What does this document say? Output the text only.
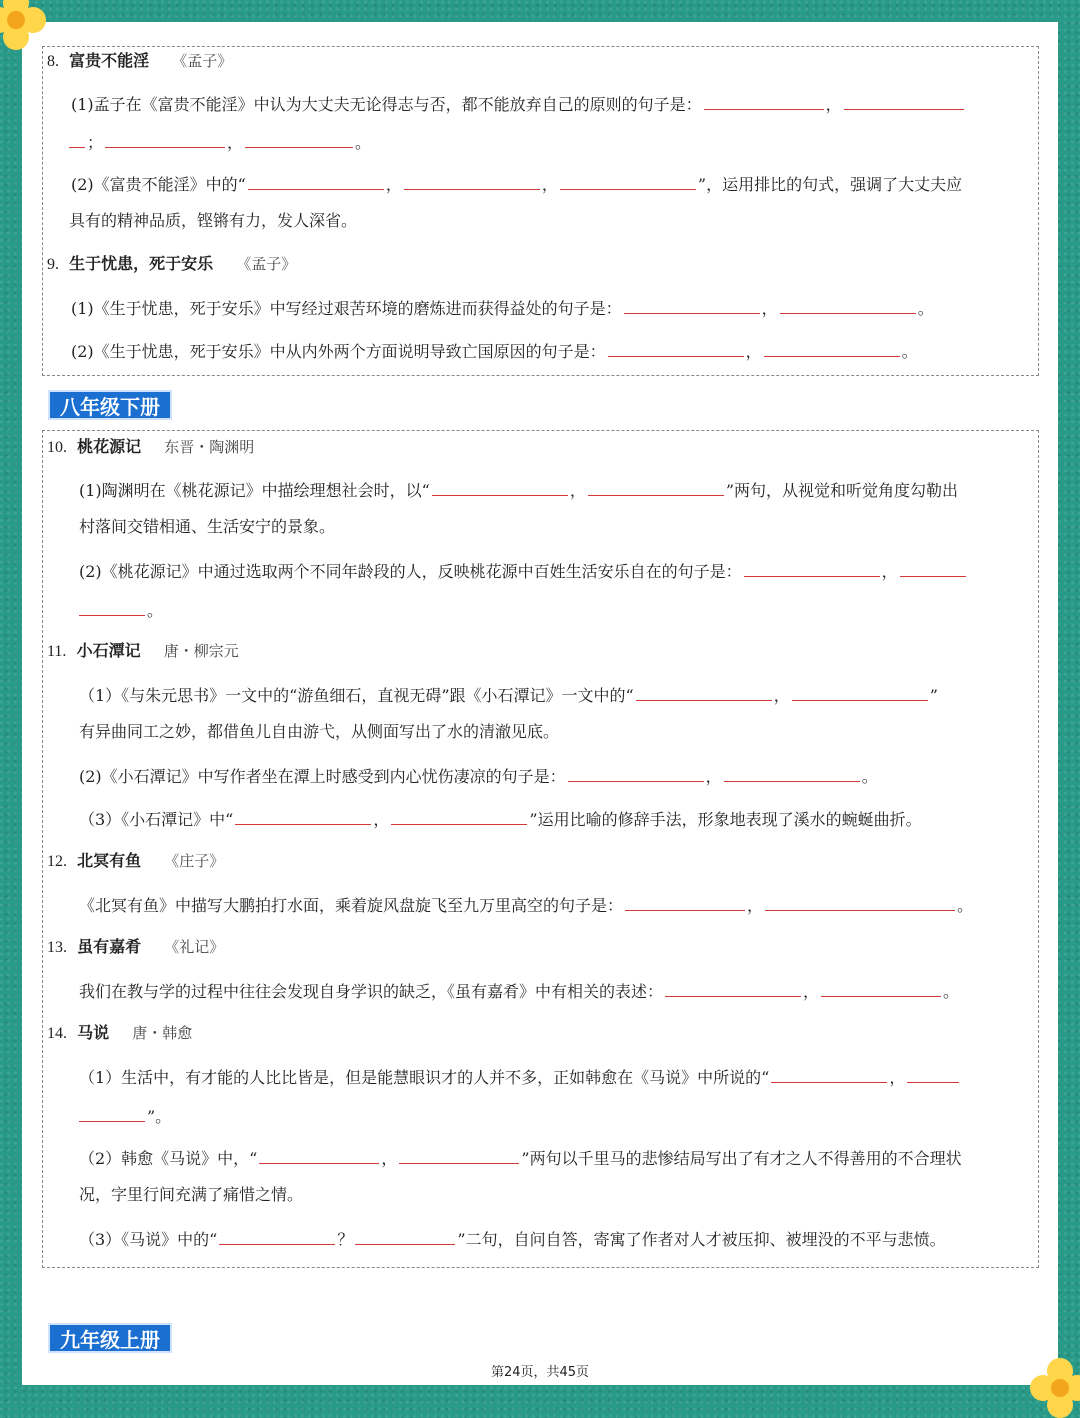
8. 富贵不能淫 《孟子》
(1)孟子在《富贵不能淫》中认为大丈夫无论得志与否，都不能放弃自己的原则的句子是：	，
；	，	。
(2)《富贵不能淫》中的“	，	，	”，运用排比的句式，强调了大丈夫应
具有的精神品质，铿锵有力，发人深省。
9. 生于忧患，死于安乐 《孟子》
(1)《生于忧患，死于安乐》中写经过艰苦环境的磨炼进而获得益处的句子是：	，	。
(2)《生于忧患，死于安乐》中从内外两个方面说明导致亡国原因的句子是：	，	。
八年级下册
10. 桃花源记 东晋・陶渊明
(1)陶渊明在《桃花源记》中描绘理想社会时，以“	，	”两句，从视觉和听觉角度勾勒出
村落间交错相通、生活安宁的景象。
(2)《桃花源记》中通过选取两个不同年龄段的人，反映桃花源中百姓生活安乐自在的句子是：	，
。
11. 小石潭记 唐・柳宗元
（1）《与朱元思书》一文中的“游鱼细石，直视无碍”跟《小石潭记》一文中的“	，	”
有异曲同工之妙，都借鱼儿自由游弋，从侧面写出了水的清澈见底。
(2)《小石潭记》中写作者坐在潭上时感受到内心忧伤凄凉的句子是：	，	。
（3）《小石潭记》中“	，	”运用比喻的修辞手法，形象地表现了溪水的蜿蜒曲折。
12. 北冥有鱼 《庄子》
《北冥有鱼》中描写大鹏拍打水面，乘着旋风盘旋飞至九万里高空的句子是：	，	。
13. 虽有嘉肴 《礼记》
我们在教与学的过程中往往会发现自身学识的缺乏，《虽有嘉肴》中有相关的表述：	，	。
14. 马说 唐・韩愈
（1）生活中，有才能的人比比皆是，但是能慧眼识才的人并不多，正如韩愈在《马说》中所说的“	，
”。
（2）韩愈《马说》中，“	，	”两句以千里马的悲惨结局写出了有才之人不得善用的不合理状
况，字里行间充满了痛惜之情。
（3）《马说》中的“	？	”二句，自问自答，寄寓了作者对人才被压抑、被埋没的不平与悲愤。
九年级上册
第24页，共45页
